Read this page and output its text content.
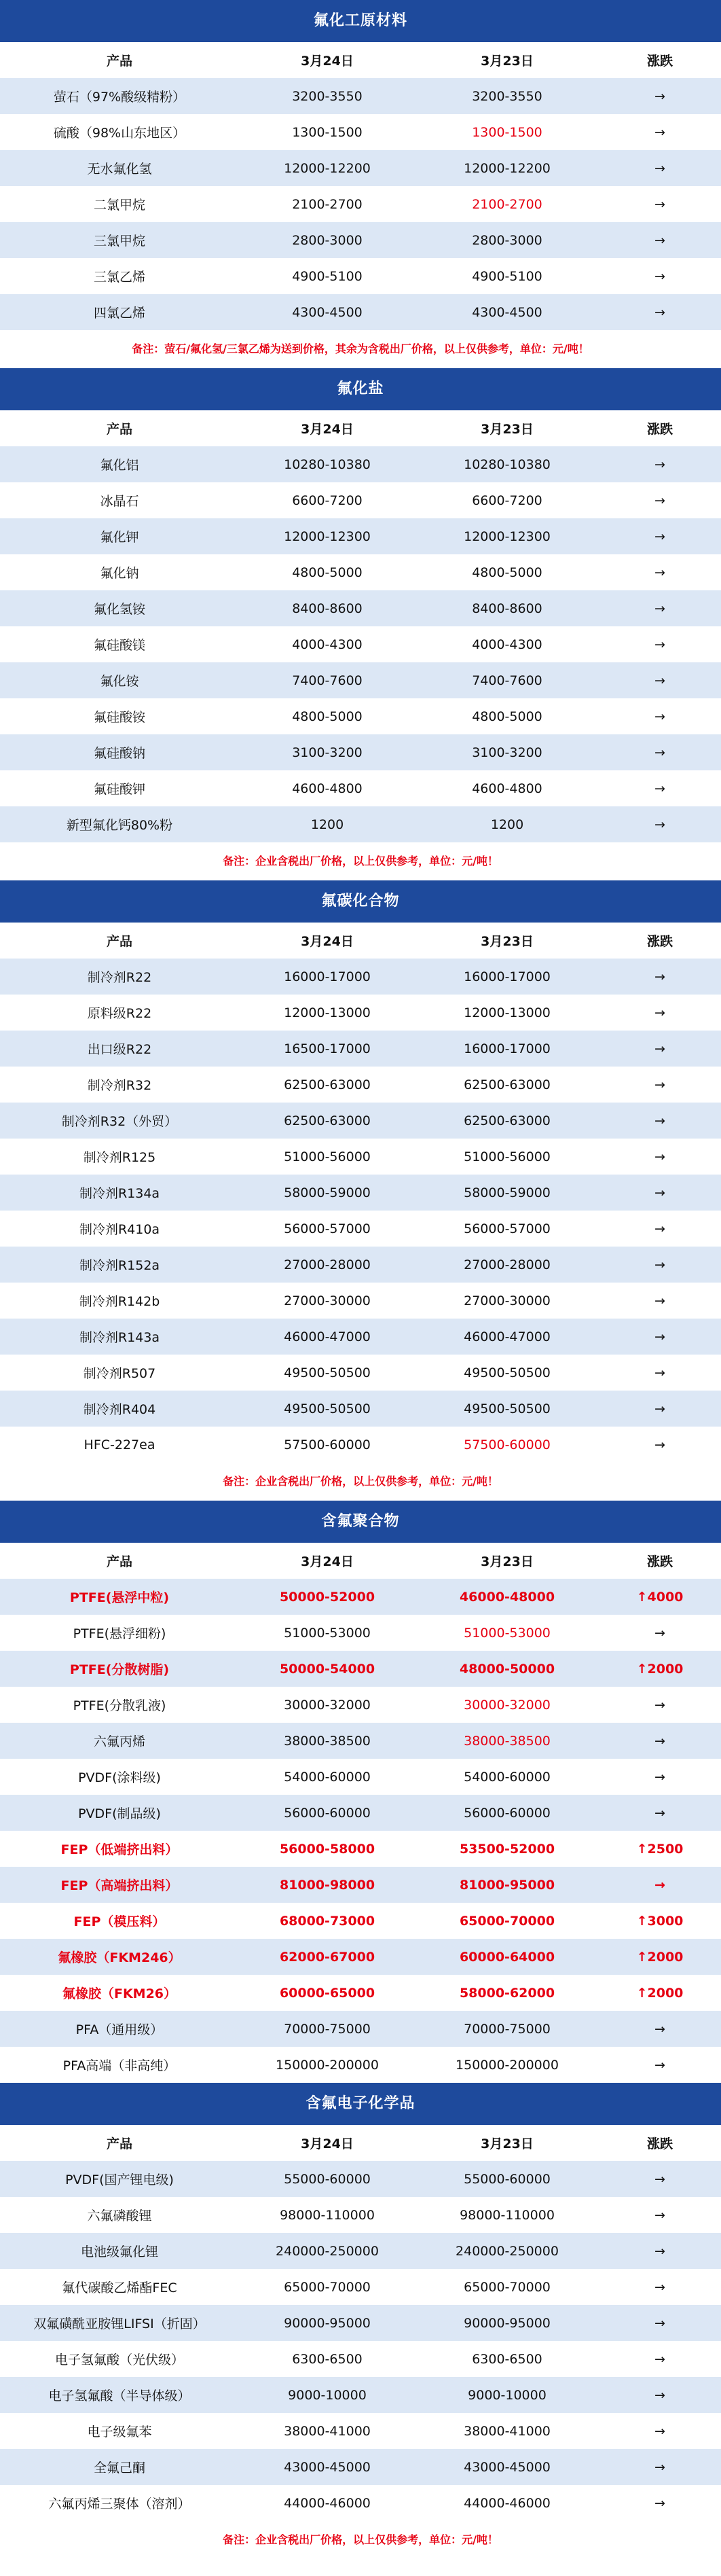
氟化工原材料
产品	3月24日	3月23日	涨跌
萤石（97%酸级精粉）	3200-3550	3200-3550	→
硫酸（98%山东地区）	1300-1500	1300-1500	→
无水氟化氢	12000-12200	12000-12200	→
二氯甲烷	2100-2700	2100-2700	→
三氯甲烷	2800-3000	2800-3000	→
三氯乙烯	4900-5100	4900-5100	→
四氯乙烯	4300-4500	4300-4500	→
备注：萤石/氟化氢/三氯乙烯为送到价格，其余为含税出厂价格，以上仅供参考，单位：元/吨！
氟化盐
产品	3月24日	3月23日	涨跌
氟化铝	10280-10380	10280-10380	→
冰晶石	6600-7200	6600-7200	→
氟化钾	12000-12300	12000-12300	→
氟化钠	4800-5000	4800-5000	→
氟化氢铵	8400-8600	8400-8600	→
氟硅酸镁	4000-4300	4000-4300	→
氟化铵	7400-7600	7400-7600	→
氟硅酸铵	4800-5000	4800-5000	→
氟硅酸钠	3100-3200	3100-3200	→
氟硅酸钾	4600-4800	4600-4800	→
新型氟化钙80%粉	1200	1200	→
备注：企业含税出厂价格，以上仅供参考，单位：元/吨！
氟碳化合物
产品	3月24日	3月23日	涨跌
制冷剂R22	16000-17000	16000-17000	→
原料级R22	12000-13000	12000-13000	→
出口级R22	16500-17000	16000-17000	→
制冷剂R32	62500-63000	62500-63000	→
制冷剂R32（外贸）	62500-63000	62500-63000	→
制冷剂R125	51000-56000	51000-56000	→
制冷剂R134a	58000-59000	58000-59000	→
制冷剂R410a	56000-57000	56000-57000	→
制冷剂R152a	27000-28000	27000-28000	→
制冷剂R142b	27000-30000	27000-30000	→
制冷剂R143a	46000-47000	46000-47000	→
制冷剂R507	49500-50500	49500-50500	→
制冷剂R404	49500-50500	49500-50500	→
HFC-227ea	57500-60000	57500-60000	→
备注：企业含税出厂价格，以上仅供参考，单位：元/吨！
含氟聚合物
产品	3月24日	3月23日	涨跌
PTFE(悬浮中粒)	50000-52000	46000-48000	↑4000
PTFE(悬浮细粉)	51000-53000	51000-53000	→
PTFE(分散树脂)	50000-54000	48000-50000	↑2000
PTFE(分散乳液)	30000-32000	30000-32000	→
六氟丙烯	38000-38500	38000-38500	→
PVDF(涂料级)	54000-60000	54000-60000	→
PVDF(制品级)	56000-60000	56000-60000	→
FEP（低端挤出料）	56000-58000	53500-52000	↑2500
FEP（高端挤出料）	81000-98000	81000-95000	→
FEP（模压料）	68000-73000	65000-70000	↑3000
氟橡胶（FKM246）	62000-67000	60000-64000	↑2000
氟橡胶（FKM26）	60000-65000	58000-62000	↑2000
PFA（通用级）	70000-75000	70000-75000	→
PFA高端（非高纯）	150000-200000	150000-200000	→
含氟电子化学品
产品	3月24日	3月23日	涨跌
PVDF(国产锂电级)	55000-60000	55000-60000	→
六氟磷酸锂	98000-110000	98000-110000	→
电池级氟化锂	240000-250000	240000-250000	→
氟代碳酸乙烯酯FEC	65000-70000	65000-70000	→
双氟磺酰亚胺锂LIFSI（折固）	90000-95000	90000-95000	→
电子氢氟酸（光伏级）	6300-6500	6300-6500	→
电子氢氟酸（半导体级）	9000-10000	9000-10000	→
电子级氟苯	38000-41000	38000-41000	→
全氟己酮	43000-45000	43000-45000	→
六氟丙烯三聚体（溶剂）	44000-46000	44000-46000	→
备注：企业含税出厂价格，以上仅供参考，单位：元/吨！
